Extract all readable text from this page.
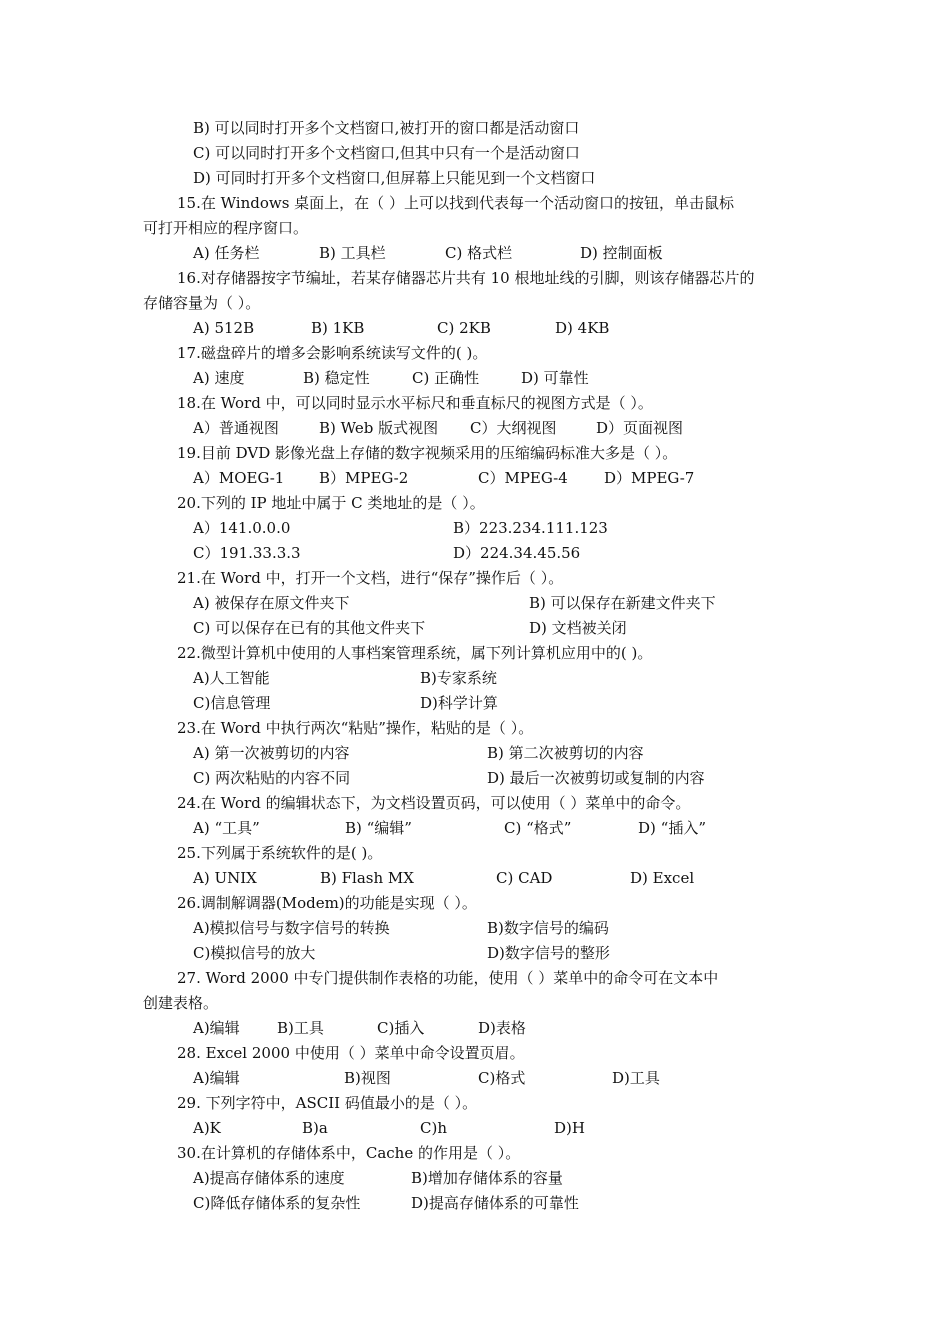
B) 可以同时打开多个文档窗口,被打开的窗口都是活动窗口
C) 可以同时打开多个文档窗口,但其中只有一个是活动窗口
D) 可同时打开多个文档窗口,但屏幕上只能见到一个文档窗口
15.在 Windows 桌面上，在（ ）上可以找到代表每一个活动窗口的按钮，单击鼠标
可打开相应的程序窗口。
A) 任务栏	B) 工具栏	C) 格式栏	D) 控制面板
16.对存储器按字节编址，若某存储器芯片共有 10 根地址线的引脚，则该存储器芯片的
存储容量为（ ）。
A) 512B	B) 1KB	C) 2KB	D) 4KB
17.磁盘碎片的增多会影响系统读写文件的( )。
A) 速度	B) 稳定性	C) 正确性	D) 可靠性
18.在 Word 中，可以同时显示水平标尺和垂直标尺的视图方式是（ ）。
A）普通视图	B) Web 版式视图 C）大纲视图	D）页面视图
19.目前 DVD 影像光盘上存储的数字视频采用的压缩编码标准大多是（ ）。
A）MOEG-1 B）MPEG-2	C）MPEG-4 D）MPEG-7
20.下列的 IP 地址中属于 C 类地址的是（ ）。
A）141.0.0.0	B）223.234.111.123
C）191.33.3.3	D）224.34.45.56
21.在 Word 中，打开一个文档，进行“保存”操作后（ ）。
A) 被保存在原文件夹下	B) 可以保存在新建文件夹下
C) 可以保存在已有的其他文件夹下	D) 文档被关闭
22.微型计算机中使用的人事档案管理系统，属下列计算机应用中的( )。
A)人工智能	B)专家系统
C)信息管理	D)科学计算
23.在 Word 中执行两次“粘贴”操作，粘贴的是（ ）。
A) 第一次被剪切的内容	B) 第二次被剪切的内容
C) 两次粘贴的内容不同	D) 最后一次被剪切或复制的内容
24.在 Word 的编辑状态下，为文档设置页码，可以使用（ ）菜单中的命令。
A) “工具”	B) “编辑”	C) “格式”	D) “插入”
25.下列属于系统软件的是( )。
A) UNIX	B) Flash MX	C) CAD	D) Excel
26.调制解调器(Modem)的功能是实现（ ）。
A)模拟信号与数字信号的转换	B)数字信号的编码
C)模拟信号的放大	D)数字信号的整形
27. Word 2000 中专门提供制作表格的功能，使用（ ）菜单中的命令可在文本中
创建表格。
A)编辑 B)工具	C)插入	D)表格
28. Excel 2000 中使用（ ）菜单中命令设置页眉。
A)编辑	B)视图	C)格式	D)工具
29. 下列字符中，ASCII 码值最小的是（ ）。
A)K	B)a	C)h	D)H
30.在计算机的存储体系中，Cache 的作用是（ ）。
A)提高存储体系的速度	B)增加存储体系的容量
C)降低存储体系的复杂性	D)提高存储体系的可靠性
